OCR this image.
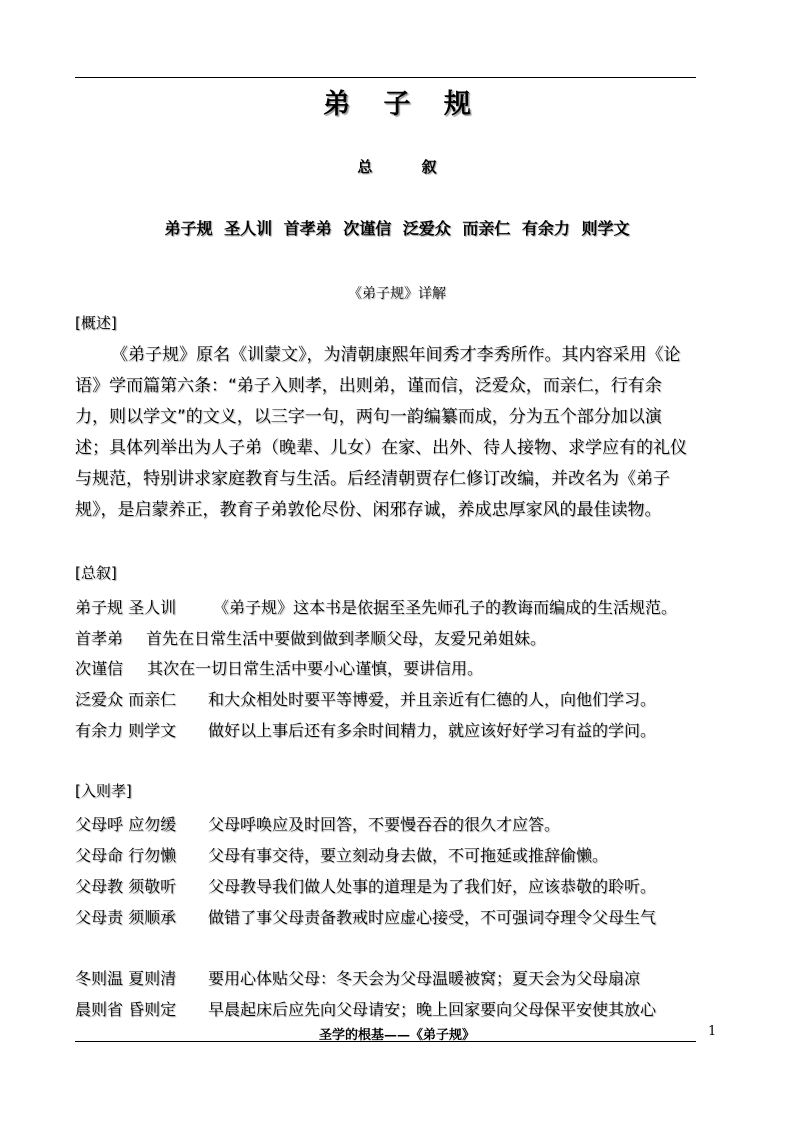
弟 子 规
总 叙
弟子规 圣人训 首孝弟 次谨信 泛爱众 而亲仁 有余力 则学文
《弟子规》详解
[概述]

《弟子规》原名《训蒙文》，为清朝康熙年间秀才李秀所作。其内容采用《论
语》学而篇第六条：“弟子入则孝，出则弟，谨而信，泛爱众，而亲仁，行有余
力，则以学文”的文义，以三字一句，两句一韵编纂而成，分为五个部分加以演
述；具体列举出为人子弟（晚辈、儿女）在家、出外、待人接物、求学应有的礼仪
与规范，特别讲求家庭教育与生活。后经清朝贾存仁修订改编，并改名为《弟子
规》，是启蒙养正，教育子弟敦伦尽份、闲邪存诚，养成忠厚家风的最佳读物。

[总叙]
弟子规 圣人训 《弟子规》这本书是依据至圣先师孔子的教诲而编成的生活规范。
首孝弟 首先在日常生活中要做到做到孝顺父母，友爱兄弟姐妹。
次谨信 其次在一切日常生活中要小心谨慎，要讲信用。
泛爱众 而亲仁 和大众相处时要平等博爱，并且亲近有仁德的人，向他们学习。
有余力 则学文 做好以上事后还有多余时间精力，就应该好好学习有益的学问。
[入则孝]
父母呼 应勿缓 父母呼唤应及时回答，不要慢吞吞的很久才应答。
父母命 行勿懒 父母有事交待，要立刻动身去做，不可拖延或推辞偷懒。
父母教 须敬听 父母教导我们做人处事的道理是为了我们好，应该恭敬的聆听。
父母责 须顺承 做错了事父母责备教戒时应虚心接受，不可强词夺理令父母生气
冬则温 夏则清 要用心体贴父母：冬天会为父母温暖被窝；夏天会为父母扇凉
晨则省 昏则定 早晨起床后应先向父母请安；晚上回家要向父母保平安使其放心
圣学的根基——《弟子规》	1
